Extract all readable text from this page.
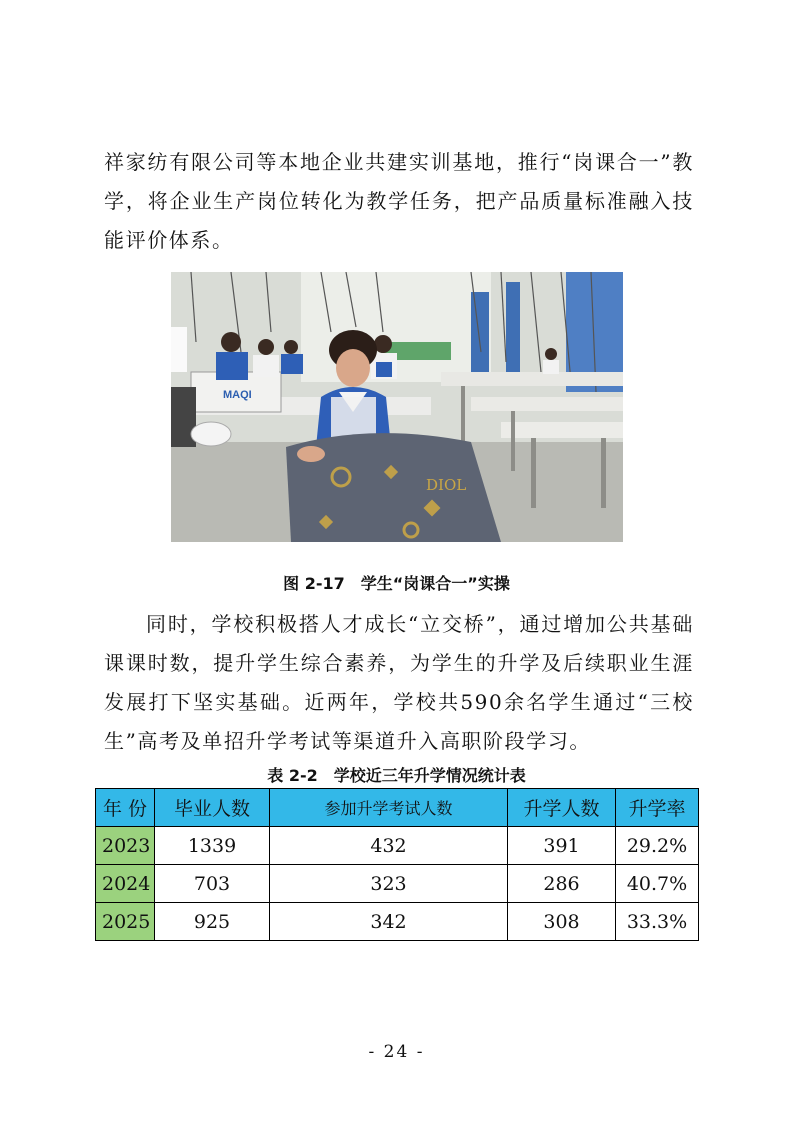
祥家纺有限公司等本地企业共建实训基地，推行“岗课合一”教学，将企业生产岗位转化为教学任务，把产品质量标准融入技能评价体系。

MAQI
DIOL

图 2-17　学生“岗课合一”实操

同时，学校积极搭人才成长“立交桥”，通过增加公共基础课课时数，提升学生综合素养，为学生的升学及后续职业生涯发展打下坚实基础。近两年，学校共590余名学生通过“三校生”高考及单招升学考试等渠道升入高职阶段学习。

表 2-2　学校近三年升学情况统计表

年 份	毕业人数	参加升学考试人数	升学人数	升学率
2023	1339	432	391	29.2%
2024	703	323	286	40.7%
2025	925	342	308	33.3%
- 24 -
